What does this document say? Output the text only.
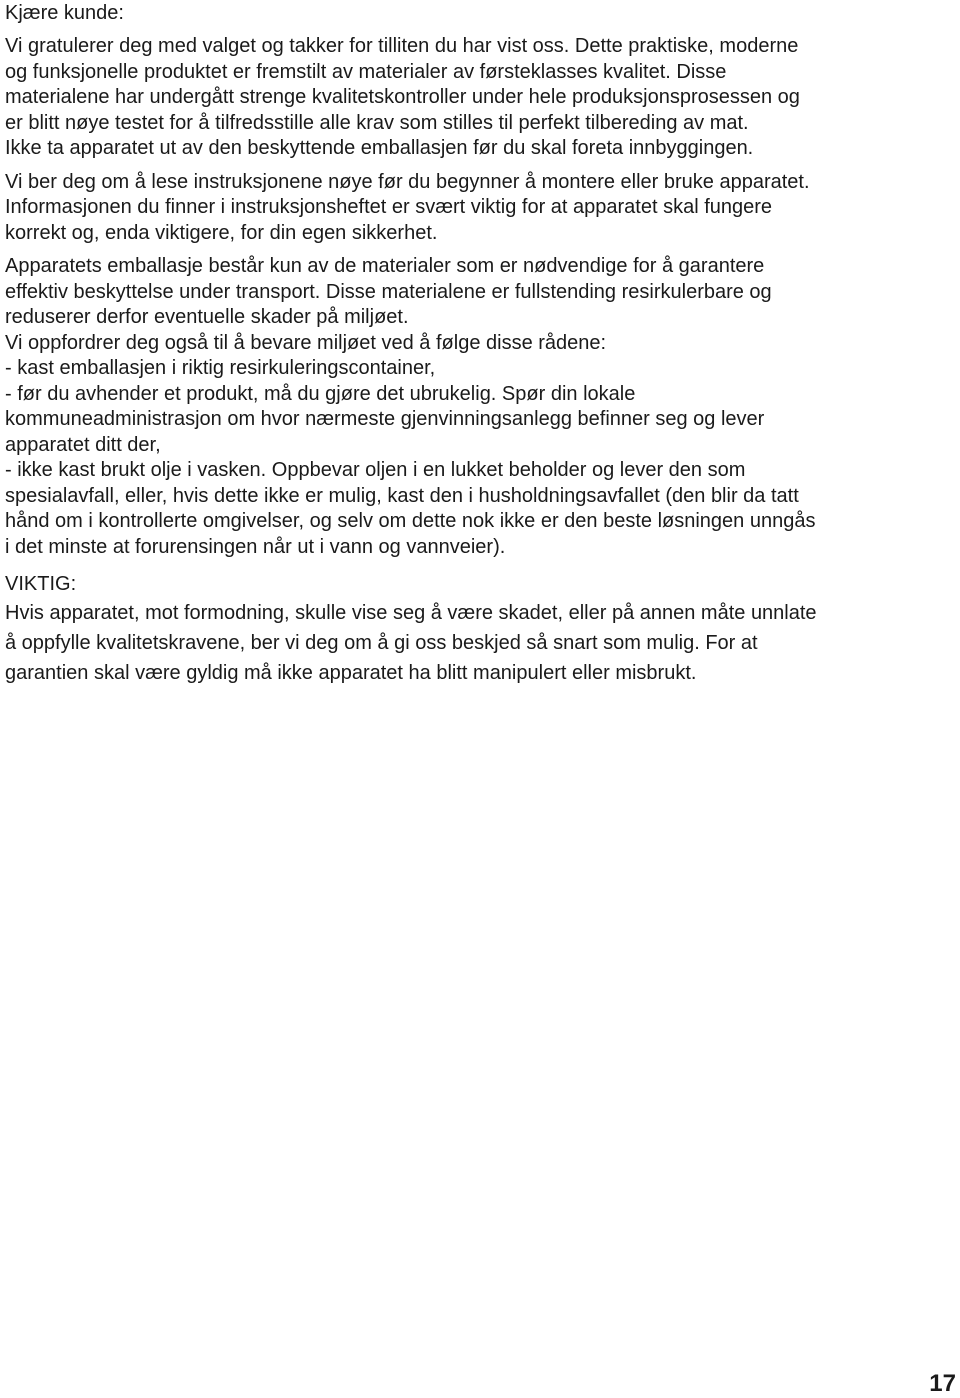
Kjære kunde:

Vi gratulerer deg med valget og takker for tilliten du har vist oss. Dette praktiske, moderne
og funksjonelle produktet er fremstilt av materialer av førsteklasses kvalitet. Disse
materialene har undergått strenge kvalitetskontroller under hele produksjonsprosessen og
er blitt nøye testet for å tilfredsstille alle krav som stilles til perfekt tilbereding av mat.
Ikke ta apparatet ut av den beskyttende emballasjen før du skal foreta innbyggingen.

Vi ber deg om å lese instruksjonene nøye før du begynner å montere eller bruke apparatet.
Informasjonen du finner i instruksjonsheftet er svært viktig for at apparatet skal fungere
korrekt og, enda viktigere, for din egen sikkerhet.

Apparatets emballasje består kun av de materialer som er nødvendige for å garantere
effektiv beskyttelse under transport. Disse materialene er fullstending resirkulerbare og
reduserer derfor eventuelle skader på miljøet.

Vi oppfordrer deg også til å bevare miljøet ved å følge disse rådene:
- kast emballasjen i riktig resirkuleringscontainer,
- før du avhender et produkt, må du gjøre det ubrukelig. Spør din lokale
kommuneadministrasjon om hvor nærmeste gjenvinningsanlegg befinner seg og lever
apparatet ditt der,
- ikke kast brukt olje i vasken. Oppbevar oljen i en lukket beholder og lever den som
spesialavfall, eller, hvis dette ikke er mulig, kast den i husholdningsavfallet (den blir da tatt
hånd om i kontrollerte omgivelser, og selv om dette nok ikke er den beste løsningen unngås
i det minste at forurensingen når ut i vann og vannveier).

VIKTIG:

Hvis apparatet, mot formodning, skulle vise seg å være skadet, eller på annen måte unnlate
å oppfylle kvalitetskravene, ber vi deg om å gi oss beskjed så snart som mulig. For at
garantien skal være gyldig må ikke apparatet ha blitt manipulert eller misbrukt.

17
